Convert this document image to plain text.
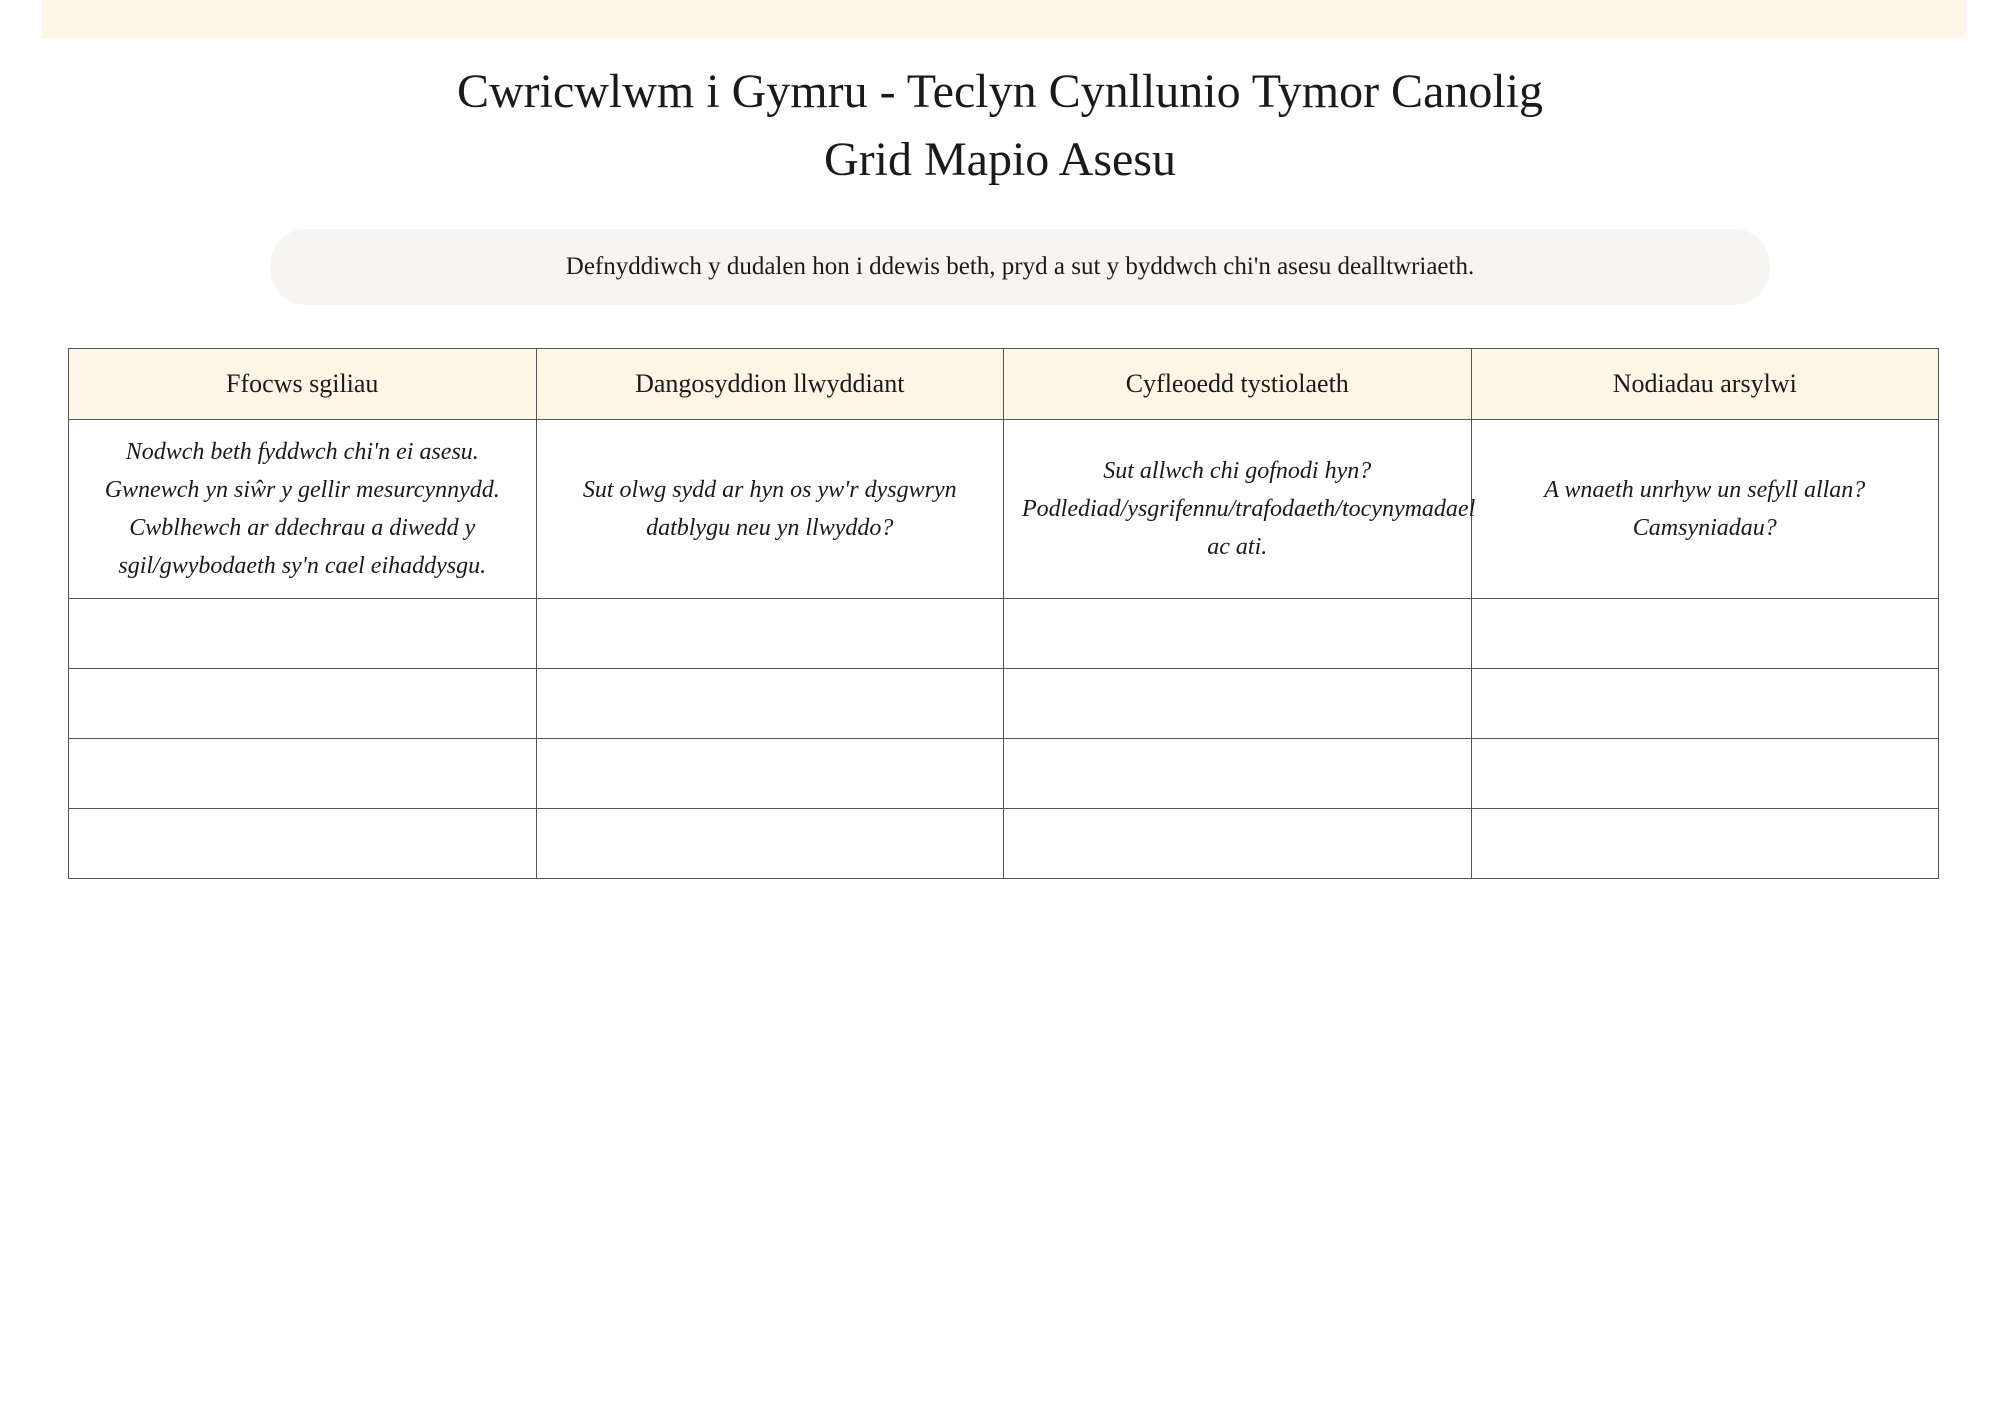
Cwricwlwm i Gymru - Teclyn Cynllunio Tymor Canolig
Grid Mapio Asesu
Defnyddiwch y dudalen hon i ddewis beth, pryd a sut y byddwch chi'n asesu dealltwriaeth.
Ffocws sgiliau	Dangosyddion llwyddiant	Cyfleoedd tystiolaeth	Nodiadau arsylwi
Nodwch beth fyddwch chi'n ei asesu. Gwnewch yn siŵr y gellir mesurcynnydd. Cwblhewch ar ddechrau a diwedd y sgil/gwybodaeth sy'n cael eihaddysgu.	Sut olwg sydd ar hyn os yw'r dysgwryn datblygu neu yn llwyddo?	Sut allwch chi gofnodi hyn? Podlediad/ysgrifennu/trafodaeth/tocynymadael ac ati.	A wnaeth unrhyw un sefyll allan? Camsyniadau?
